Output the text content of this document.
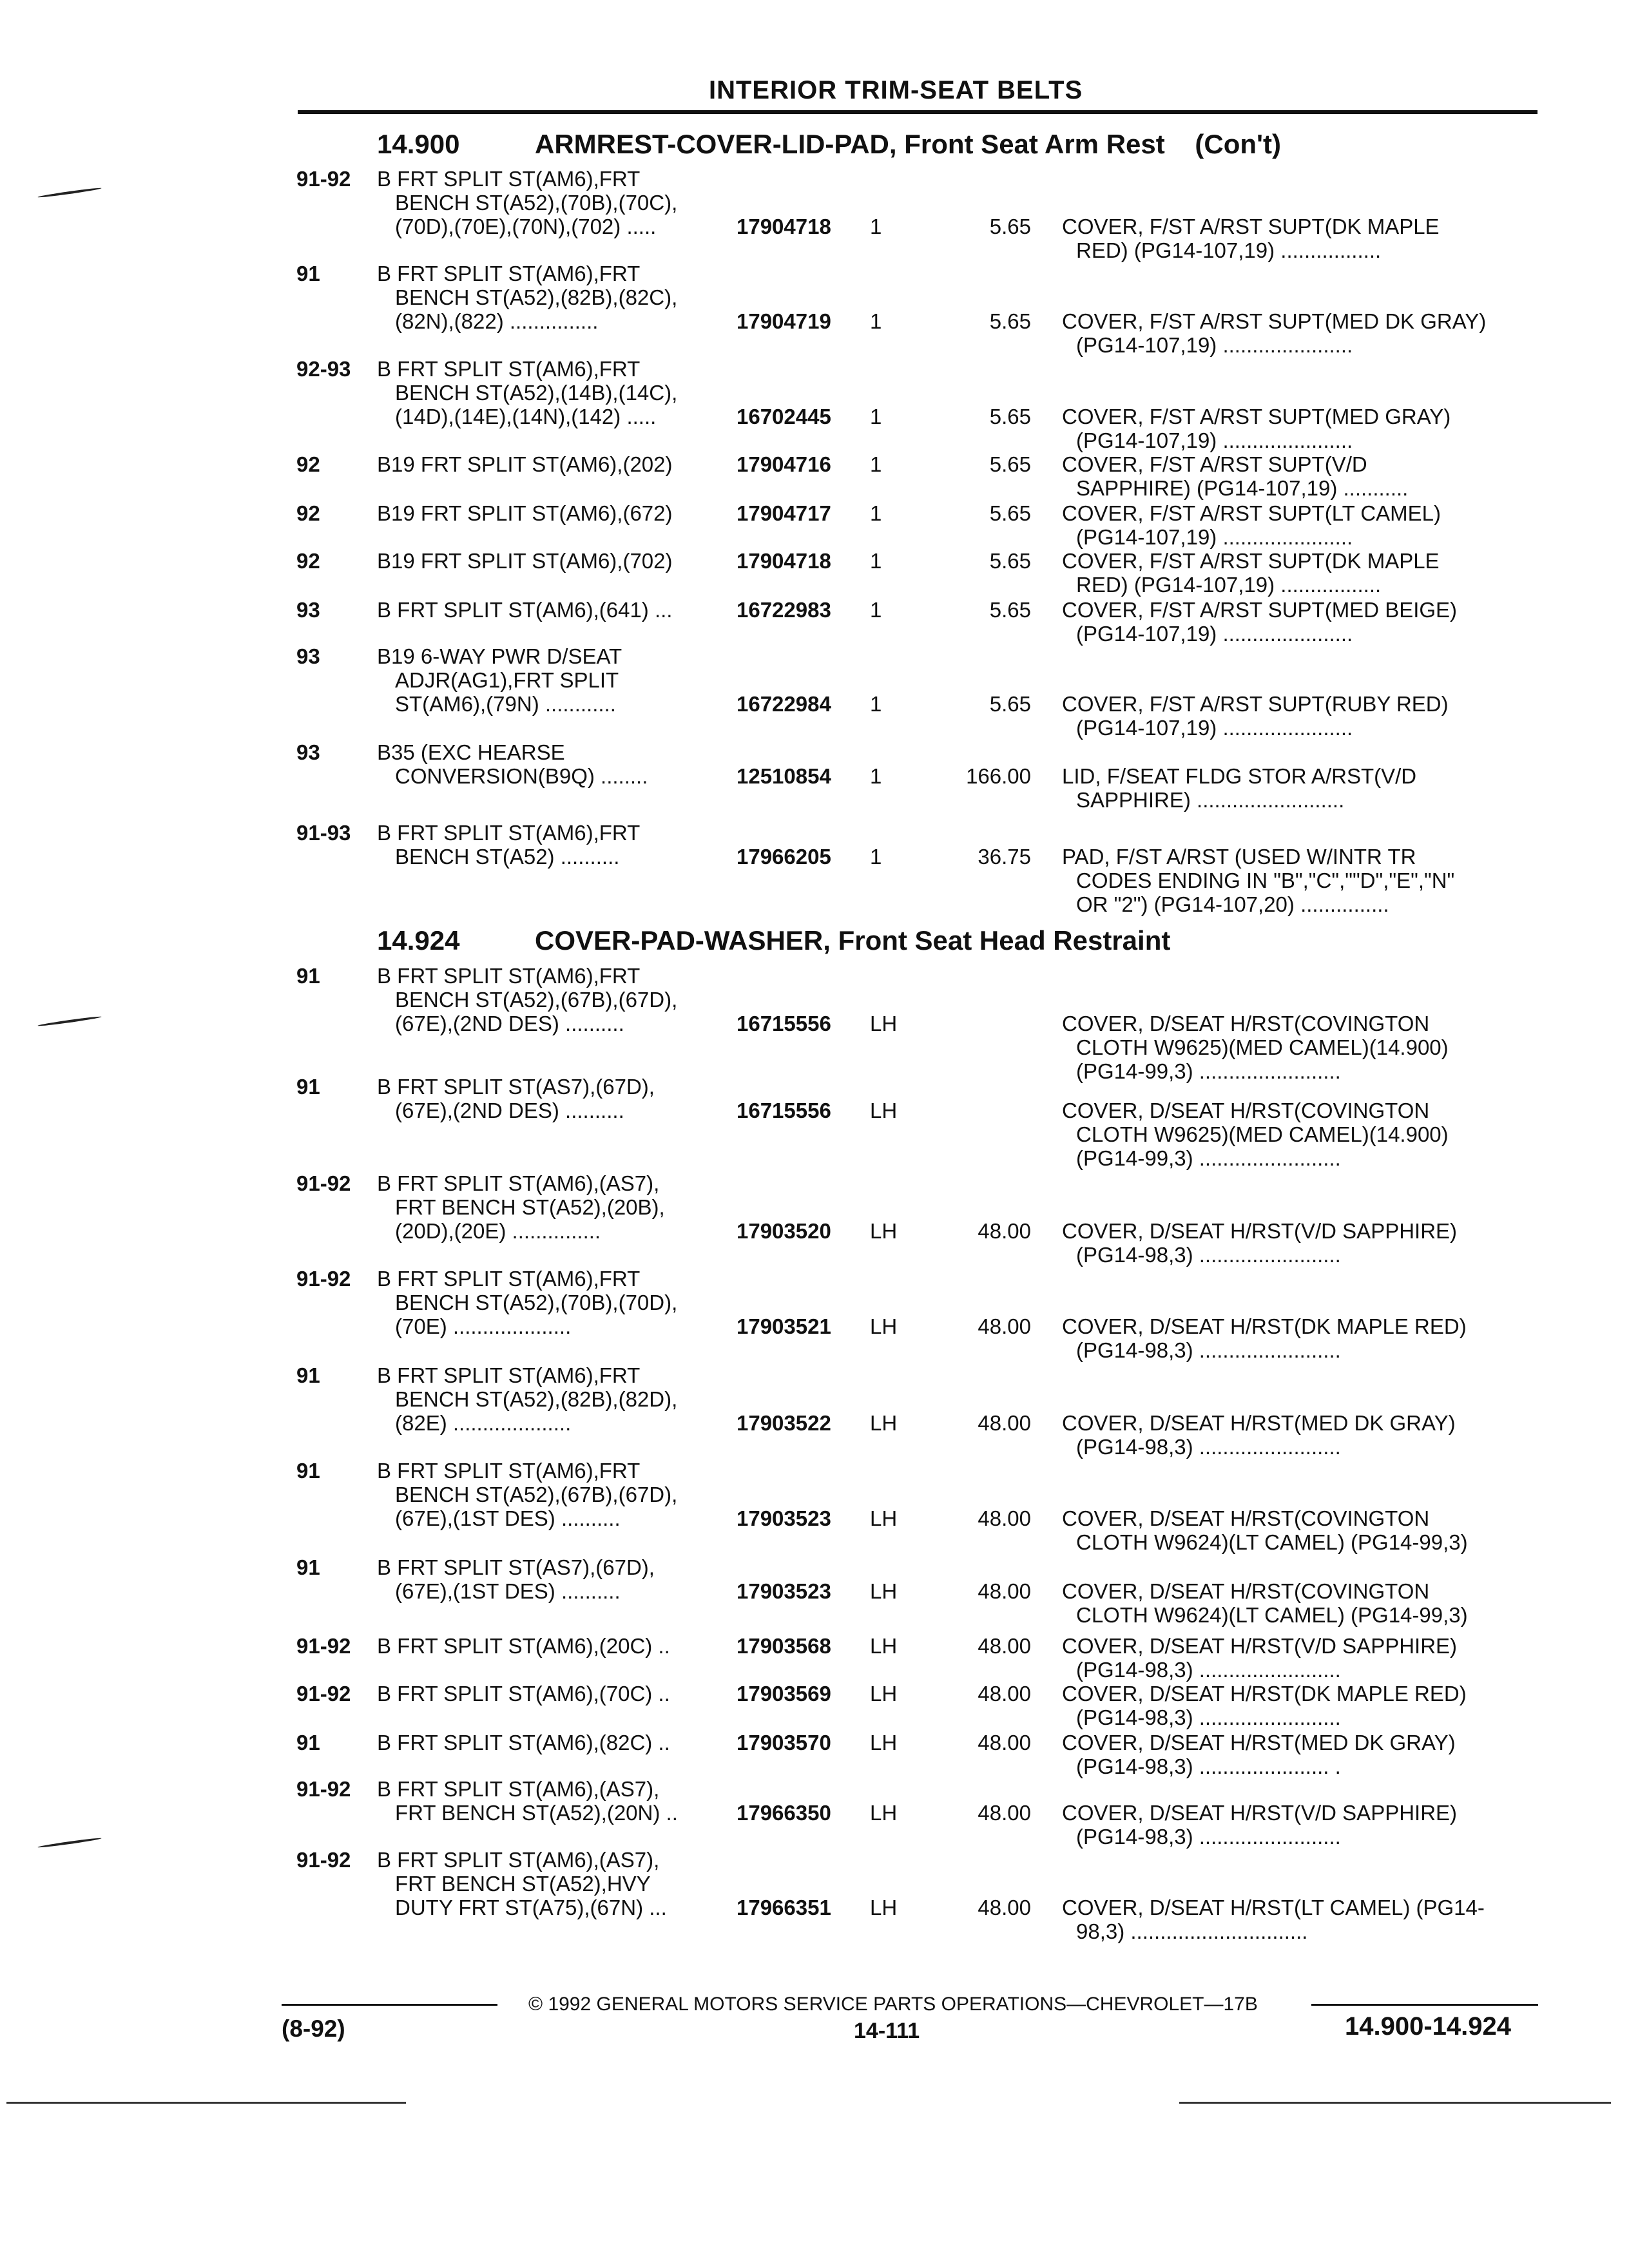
INTERIOR TRIM-SEAT BELTS
14.900	ARMREST-COVER-LID-PAD, Front Seat Arm Rest (Con't)
14.924	COVER-PAD-WASHER, Front Seat Head Restraint
91-92 B FRT SPLIT ST(AM6),FRT
BENCH ST(A52),(70B),(70C),
(70D),(70E),(70N),(702) .....	17904718 1	5.65 COVER, F/ST A/RST SUPT(DK MAPLE
RED) (PG14-107,19) .................
91	B FRT SPLIT ST(AM6),FRT
BENCH ST(A52),(82B),(82C),
(82N),(822) ...............	17904719 1	5.65 COVER, F/ST A/RST SUPT(MED DK GRAY)
(PG14-107,19) ......................
92-93 B FRT SPLIT ST(AM6),FRT
BENCH ST(A52),(14B),(14C),
(14D),(14E),(14N),(142) .....	16702445 1	5.65 COVER, F/ST A/RST SUPT(MED GRAY)
(PG14-107,19) ......................
92	B19 FRT SPLIT ST(AM6),(202)	17904716 1	5.65 COVER, F/ST A/RST SUPT(V/D
SAPPHIRE) (PG14-107,19) ...........
92	B19 FRT SPLIT ST(AM6),(672)	17904717 1	5.65 COVER, F/ST A/RST SUPT(LT CAMEL)
(PG14-107,19) ......................
92	B19 FRT SPLIT ST(AM6),(702)	17904718 1	5.65 COVER, F/ST A/RST SUPT(DK MAPLE
RED) (PG14-107,19) .................
93	B FRT SPLIT ST(AM6),(641) ...	16722983 1	5.65 COVER, F/ST A/RST SUPT(MED BEIGE)
(PG14-107,19) ......................
93	B19 6-WAY PWR D/SEAT
ADJR(AG1),FRT SPLIT
ST(AM6),(79N) ............	16722984 1	5.65 COVER, F/ST A/RST SUPT(RUBY RED)
(PG14-107,19) ......................
93	B35 (EXC HEARSE
CONVERSION(B9Q) ........	12510854 1	166.00 LID, F/SEAT FLDG STOR A/RST(V/D
SAPPHIRE) .........................
91-93 B FRT SPLIT ST(AM6),FRT
BENCH ST(A52) ..........	17966205 1	36.75 PAD, F/ST A/RST (USED W/INTR TR
CODES ENDING IN "B","C",""D","E","N"
OR "2") (PG14-107,20) ...............
91	B FRT SPLIT ST(AM6),FRT
BENCH ST(A52),(67B),(67D),
(67E),(2ND DES) ..........	16715556 LH	COVER, D/SEAT H/RST(COVINGTON
CLOTH W9625)(MED CAMEL)(14.900)
(PG14-99,3) ........................
91	B FRT SPLIT ST(AS7),(67D),
(67E),(2ND DES) ..........	16715556 LH	COVER, D/SEAT H/RST(COVINGTON
CLOTH W9625)(MED CAMEL)(14.900)
(PG14-99,3) ........................
91-92 B FRT SPLIT ST(AM6),(AS7),
FRT BENCH ST(A52),(20B),
(20D),(20E) ...............	17903520 LH	48.00 COVER, D/SEAT H/RST(V/D SAPPHIRE)
(PG14-98,3) ........................
91-92 B FRT SPLIT ST(AM6),FRT
BENCH ST(A52),(70B),(70D),
(70E) ....................	17903521 LH	48.00 COVER, D/SEAT H/RST(DK MAPLE RED)
(PG14-98,3) ........................
91	B FRT SPLIT ST(AM6),FRT
BENCH ST(A52),(82B),(82D),
(82E) ....................	17903522 LH	48.00 COVER, D/SEAT H/RST(MED DK GRAY)
(PG14-98,3) ........................
91	B FRT SPLIT ST(AM6),FRT
BENCH ST(A52),(67B),(67D),
(67E),(1ST DES) ..........	17903523 LH	48.00 COVER, D/SEAT H/RST(COVINGTON
CLOTH W9624)(LT CAMEL) (PG14-99,3)
91	B FRT SPLIT ST(AS7),(67D),
(67E),(1ST DES) ..........	17903523 LH	48.00 COVER, D/SEAT H/RST(COVINGTON
CLOTH W9624)(LT CAMEL) (PG14-99,3)
91-92 B FRT SPLIT ST(AM6),(20C) ..	17903568 LH	48.00 COVER, D/SEAT H/RST(V/D SAPPHIRE)
(PG14-98,3) ........................
91-92 B FRT SPLIT ST(AM6),(70C) ..	17903569 LH	48.00 COVER, D/SEAT H/RST(DK MAPLE RED)
(PG14-98,3) ........................
91	B FRT SPLIT ST(AM6),(82C) ..	17903570 LH	48.00 COVER, D/SEAT H/RST(MED DK GRAY)
(PG14-98,3) ...................... .
91-92 B FRT SPLIT ST(AM6),(AS7),
FRT BENCH ST(A52),(20N) ..	17966350 LH	48.00 COVER, D/SEAT H/RST(V/D SAPPHIRE)
(PG14-98,3) ........................
91-92 B FRT SPLIT ST(AM6),(AS7),
FRT BENCH ST(A52),HVY
DUTY FRT ST(A75),(67N) ...	17966351 LH	48.00 COVER, D/SEAT H/RST(LT CAMEL) (PG14-
98,3) ..............................
© 1992 GENERAL MOTORS SERVICE PARTS OPERATIONS—CHEVROLET—17B
(8-92)	14-111	14.900-14.924
